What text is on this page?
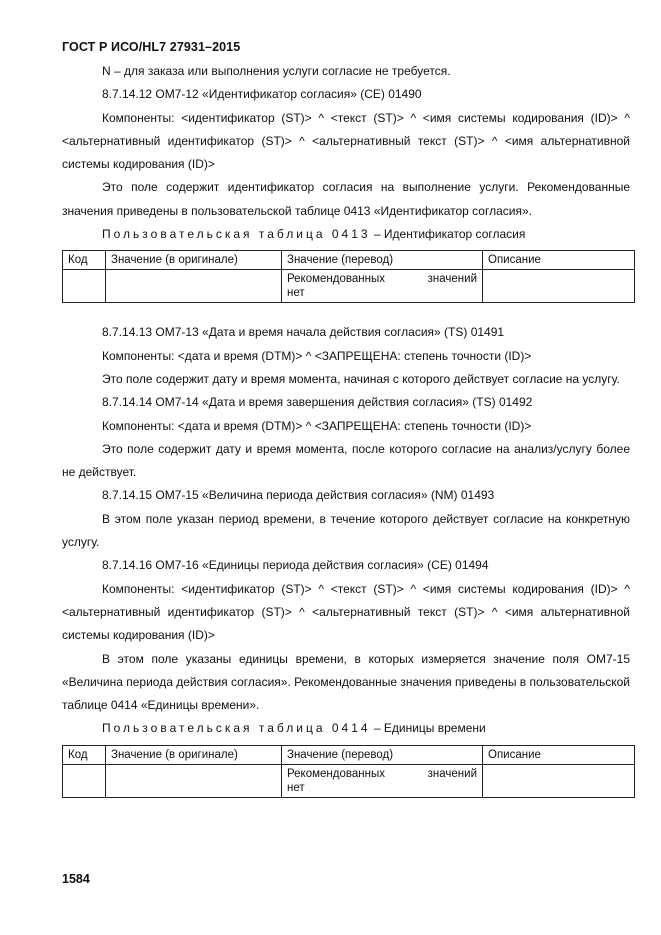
ГОСТ Р ИСО/HL7 27931–2015

N – для заказа или выполнения услуги согласие не требуется.

8.7.14.12 OM7-12 «Идентификатор согласия» (CE) 01490

Компоненты: <идентификатор (ST)> ^ <текст (ST)> ^ <имя системы кодирования (ID)> ^ <альтернативный идентификатор (ST)> ^ <альтернативный текст (ST)> ^ <имя альтернативной системы кодирования (ID)>

Это поле содержит идентификатор согласия на выполнение услуги. Рекомендованные значения приведены в пользовательской таблице 0413 «Идентификатор согласия».

Пользовательская таблица 0413 – Идентификатор согласия

Код	Значение (в оригинале)	Значение (перевод)	Описание

		Рекомендованных значений
нет	

8.7.14.13 OM7-13 «Дата и время начала действия согласия» (TS) 01491

Компоненты: <дата и время (DTM)> ^ <ЗАПРЕЩЕНА: степень точности (ID)>

Это поле содержит дату и время момента, начиная с которого действует согласие на услугу.

8.7.14.14 OM7-14 «Дата и время завершения действия согласия» (TS) 01492

Компоненты: <дата и время (DTM)> ^ <ЗАПРЕЩЕНА: степень точности (ID)>

Это поле содержит дату и время момента, после которого согласие на анализ/услугу более не действует.

8.7.14.15 OM7-15 «Величина периода действия согласия» (NM) 01493

В этом поле указан период времени, в течение которого действует согласие на конкретную услугу.

8.7.14.16 OM7-16 «Единицы периода действия согласия» (CE) 01494

Компоненты: <идентификатор (ST)> ^ <текст (ST)> ^ <имя системы кодирования (ID)> ^ <альтернативный идентификатор (ST)> ^ <альтернативный текст (ST)> ^ <имя альтернативной системы кодирования (ID)>

В этом поле указаны единицы времени, в которых измеряется значение поля OM7-15 «Величина периода действия согласия». Рекомендованные значения приведены в пользовательской таблице 0414 «Единицы времени».

Пользовательская таблица 0414 – Единицы времени

Код	Значение (в оригинале)	Значение (перевод)	Описание

		Рекомендованных значений
нет	

1584
